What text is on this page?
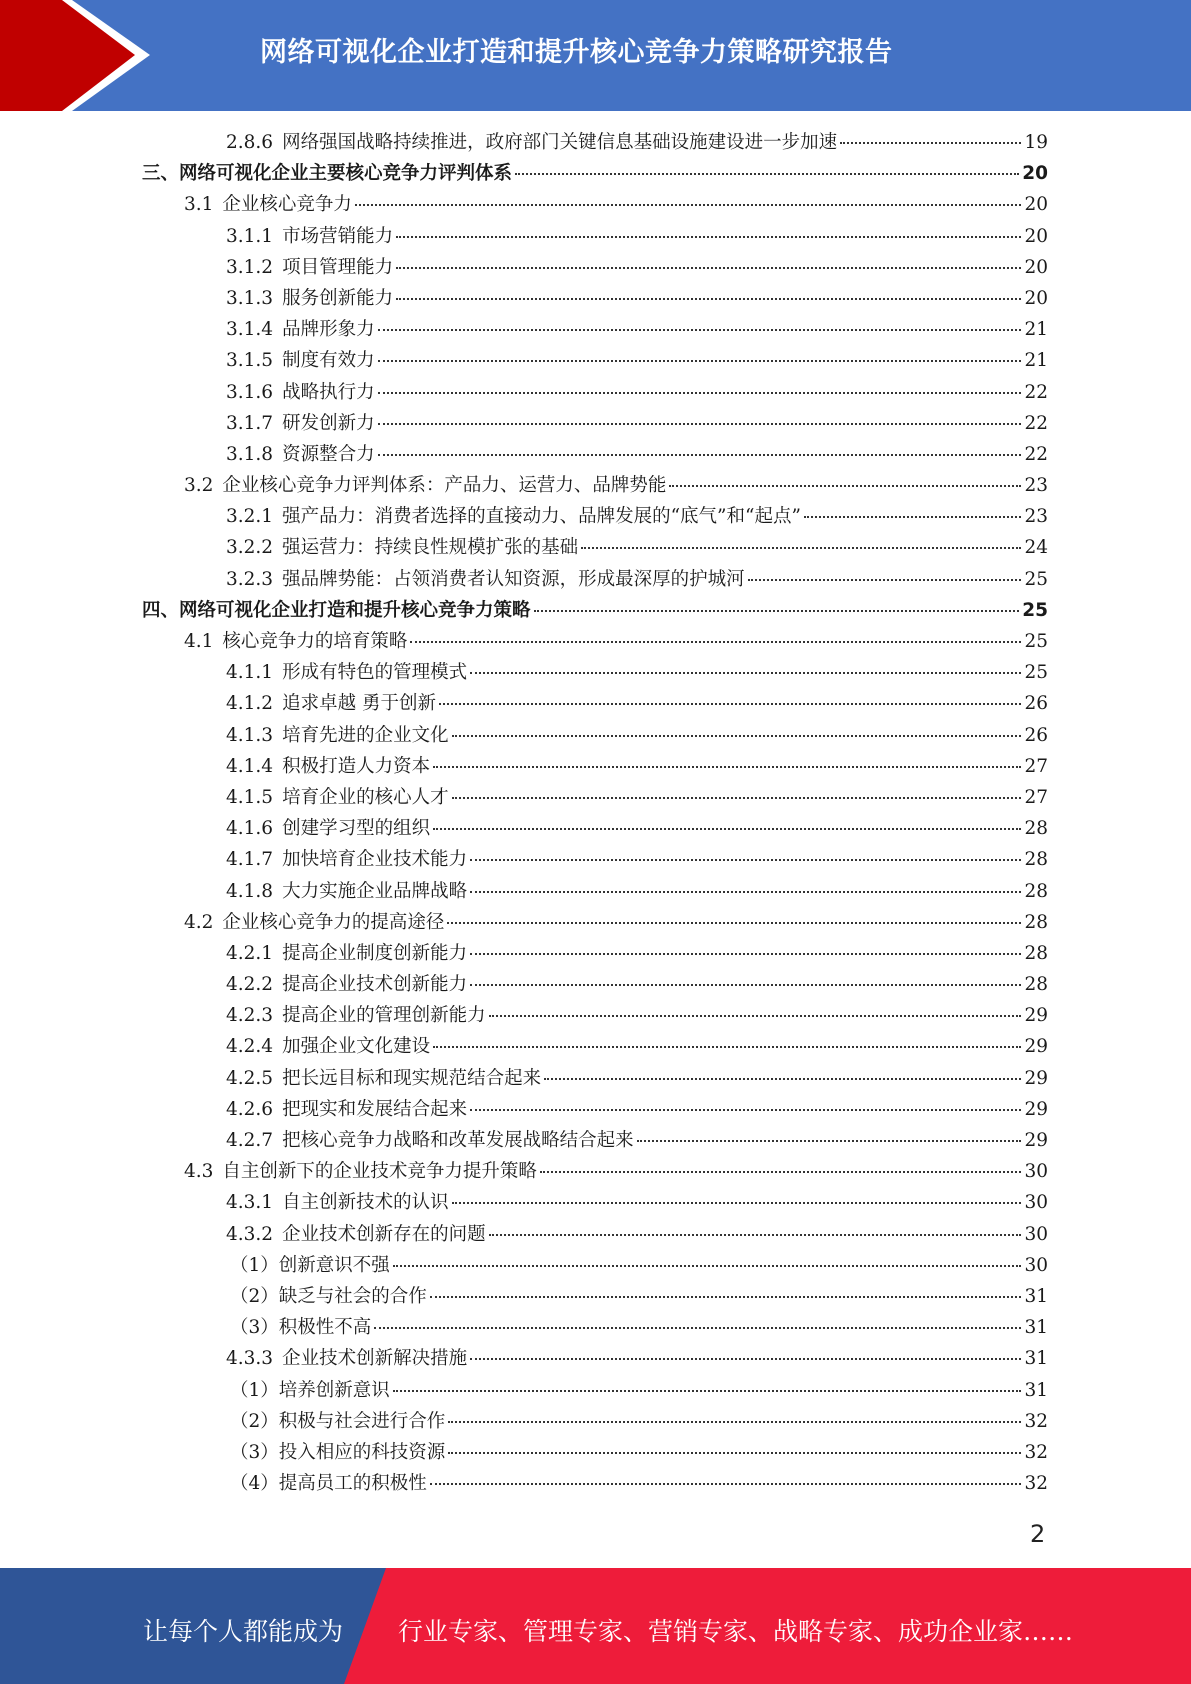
网络可视化企业打造和提升核心竞争力策略研究报告
2.8.6 网络强国战略持续推进，政府部门关键信息基础设施建设进一步加速	19
三、网络可视化企业主要核心竞争力评判体系	20
3.1 企业核心竞争力	20
3.1.1 市场营销能力	20
3.1.2 项目管理能力	20
3.1.3 服务创新能力	20
3.1.4 品牌形象力	21
3.1.5 制度有效力	21
3.1.6 战略执行力	22
3.1.7 研发创新力	22
3.1.8 资源整合力	22
3.2 企业核心竞争力评判体系：产品力、运营力、品牌势能	23
3.2.1 强产品力：消费者选择的直接动力、品牌发展的“底气”和“起点”	23
3.2.2 强运营力：持续良性规模扩张的基础	24
3.2.3 强品牌势能：占领消费者认知资源，形成最深厚的护城河	25
四、网络可视化企业打造和提升核心竞争力策略	25
4.1 核心竞争力的培育策略	25
4.1.1 形成有特色的管理模式	25
4.1.2 追求卓越 勇于创新	26
4.1.3 培育先进的企业文化	26
4.1.4 积极打造人力资本	27
4.1.5 培育企业的核心人才	27
4.1.6 创建学习型的组织	28
4.1.7 加快培育企业技术能力	28
4.1.8 大力实施企业品牌战略	28
4.2 企业核心竞争力的提高途径	28
4.2.1 提高企业制度创新能力	28
4.2.2 提高企业技术创新能力	28
4.2.3 提高企业的管理创新能力	29
4.2.4 加强企业文化建设	29
4.2.5 把长远目标和现实规范结合起来	29
4.2.6 把现实和发展结合起来	29
4.2.7 把核心竞争力战略和改革发展战略结合起来	29
4.3 自主创新下的企业技术竞争力提升策略	30
4.3.1 自主创新技术的认识	30
4.3.2 企业技术创新存在的问题	30
（1）创新意识不强	30
（2）缺乏与社会的合作	31
（3）积极性不高	31
4.3.3 企业技术创新解决措施	31
（1）培养创新意识	31
（2）积极与社会进行合作	32
（3）投入相应的科技资源	32
（4）提高员工的积极性	32
2
让每个人都能成为 行业专家、管理专家、营销专家、战略专家、成功企业家……
